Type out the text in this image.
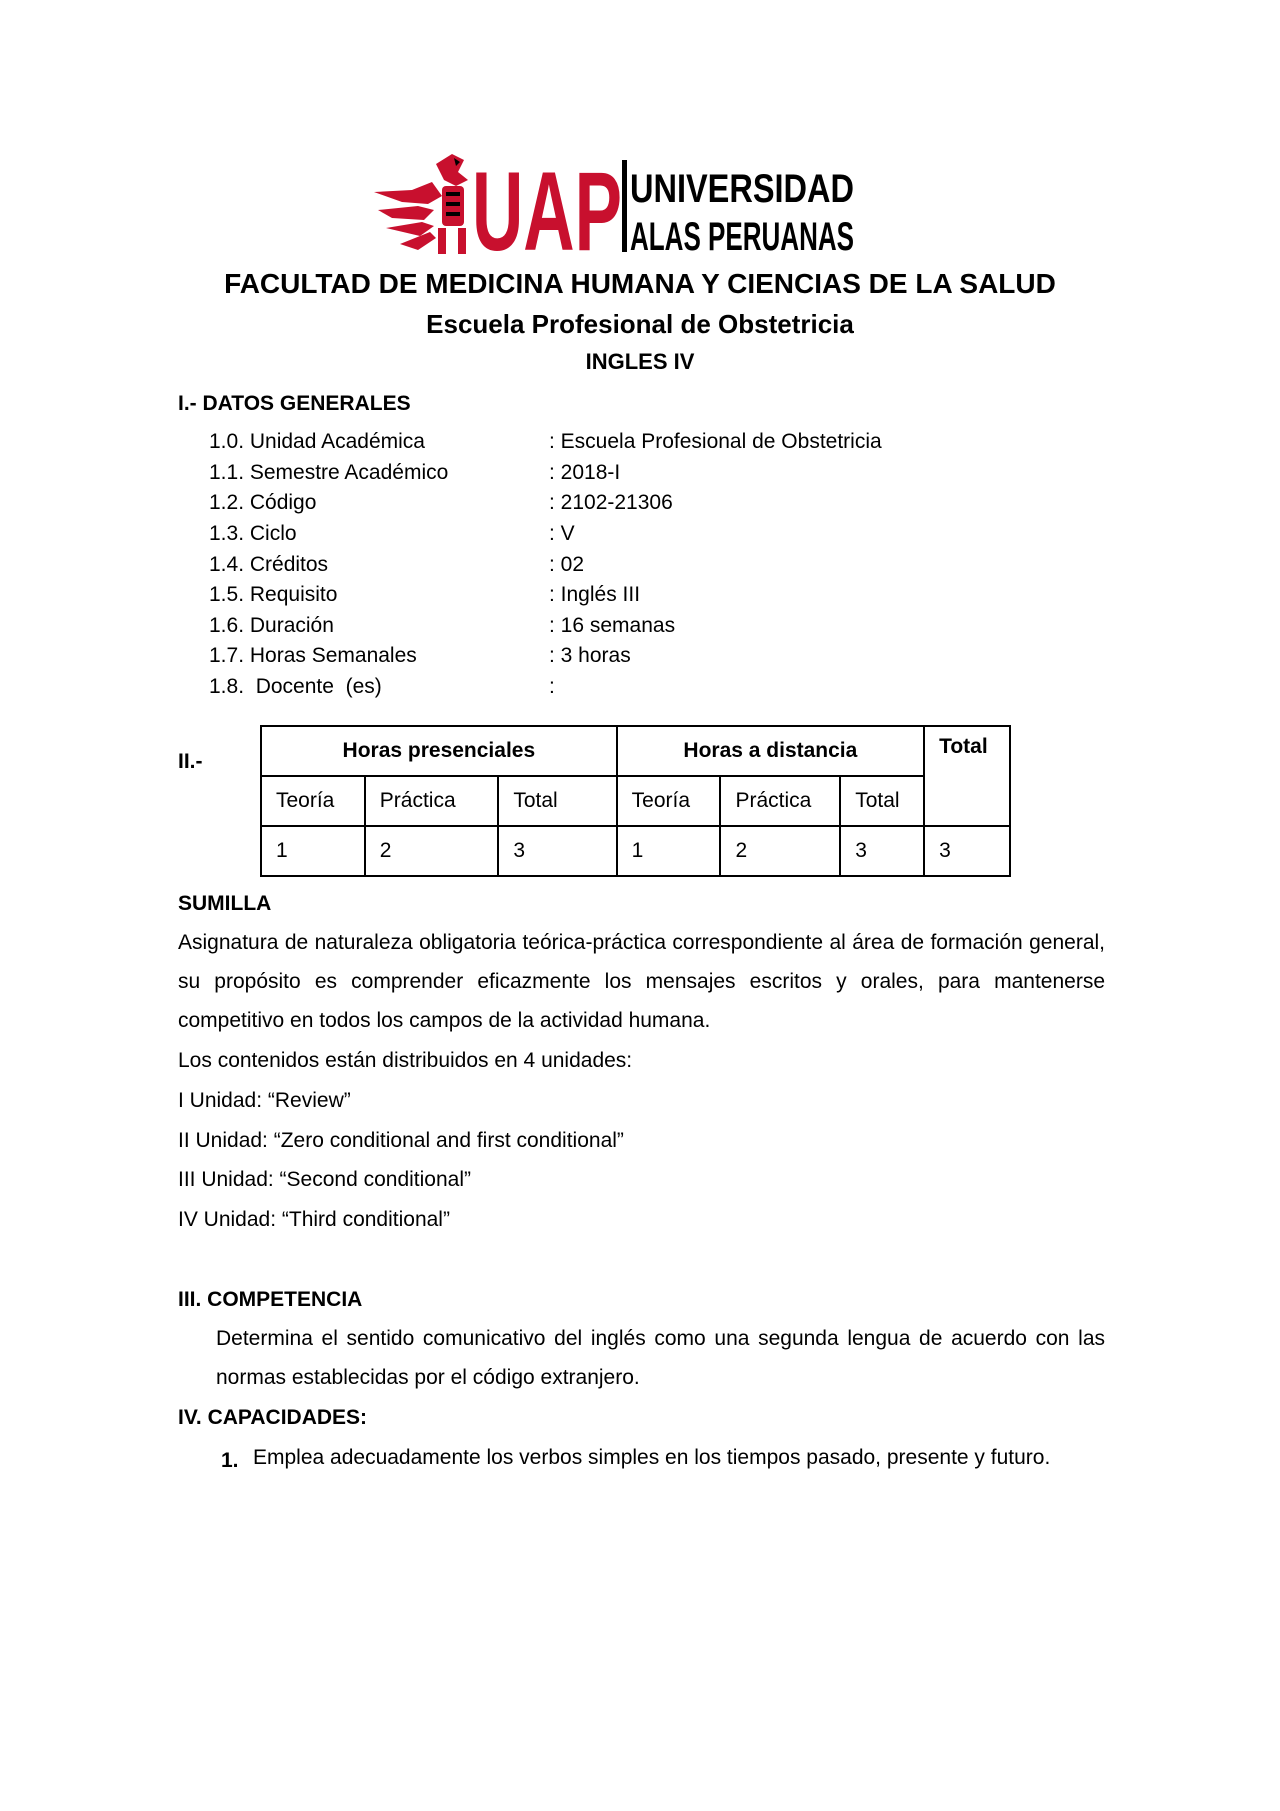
UAP UNIVERSIDAD
ALAS PERUANAS
FACULTAD DE MEDICINA HUMANA Y CIENCIAS DE LA SALUD
Escuela Profesional de Obstetricia
INGLES IV
I.- DATOS GENERALES
1.0. Unidad Académica	: Escuela Profesional de Obstetricia
1.1. Semestre Académico	: 2018-I
1.2. Código	: 2102-21306
1.3. Ciclo	: V
1.4. Créditos	: 02
1.5. Requisito	: Inglés III
1.6. Duración	: 16 semanas
1.7. Horas Semanales	: 3 horas
1.8.  Docente  (es)	:
II.-	Horas presenciales			Horas a distancia			Total
Teoría	Práctica	Total	Teoría	Práctica	Total	
1	2	3	1	2	3	3
SUMILLA
Asignatura de naturaleza obligatoria teórica-práctica correspondiente al área de formación general, su propósito es comprender eficazmente los mensajes escritos y orales, para mantenerse competitivo en todos los campos de la actividad humana.
Los contenidos están distribuidos en 4 unidades:
I Unidad: “Review”
II Unidad: “Zero conditional and first conditional”
III Unidad: “Second conditional”
IV Unidad: “Third conditional”
III. COMPETENCIA
Determina el sentido comunicativo del inglés como una segunda lengua de acuerdo con las normas establecidas por el código extranjero.
IV. CAPACIDADES:
1. Emplea adecuadamente los verbos simples en los tiempos pasado, presente y futuro.
